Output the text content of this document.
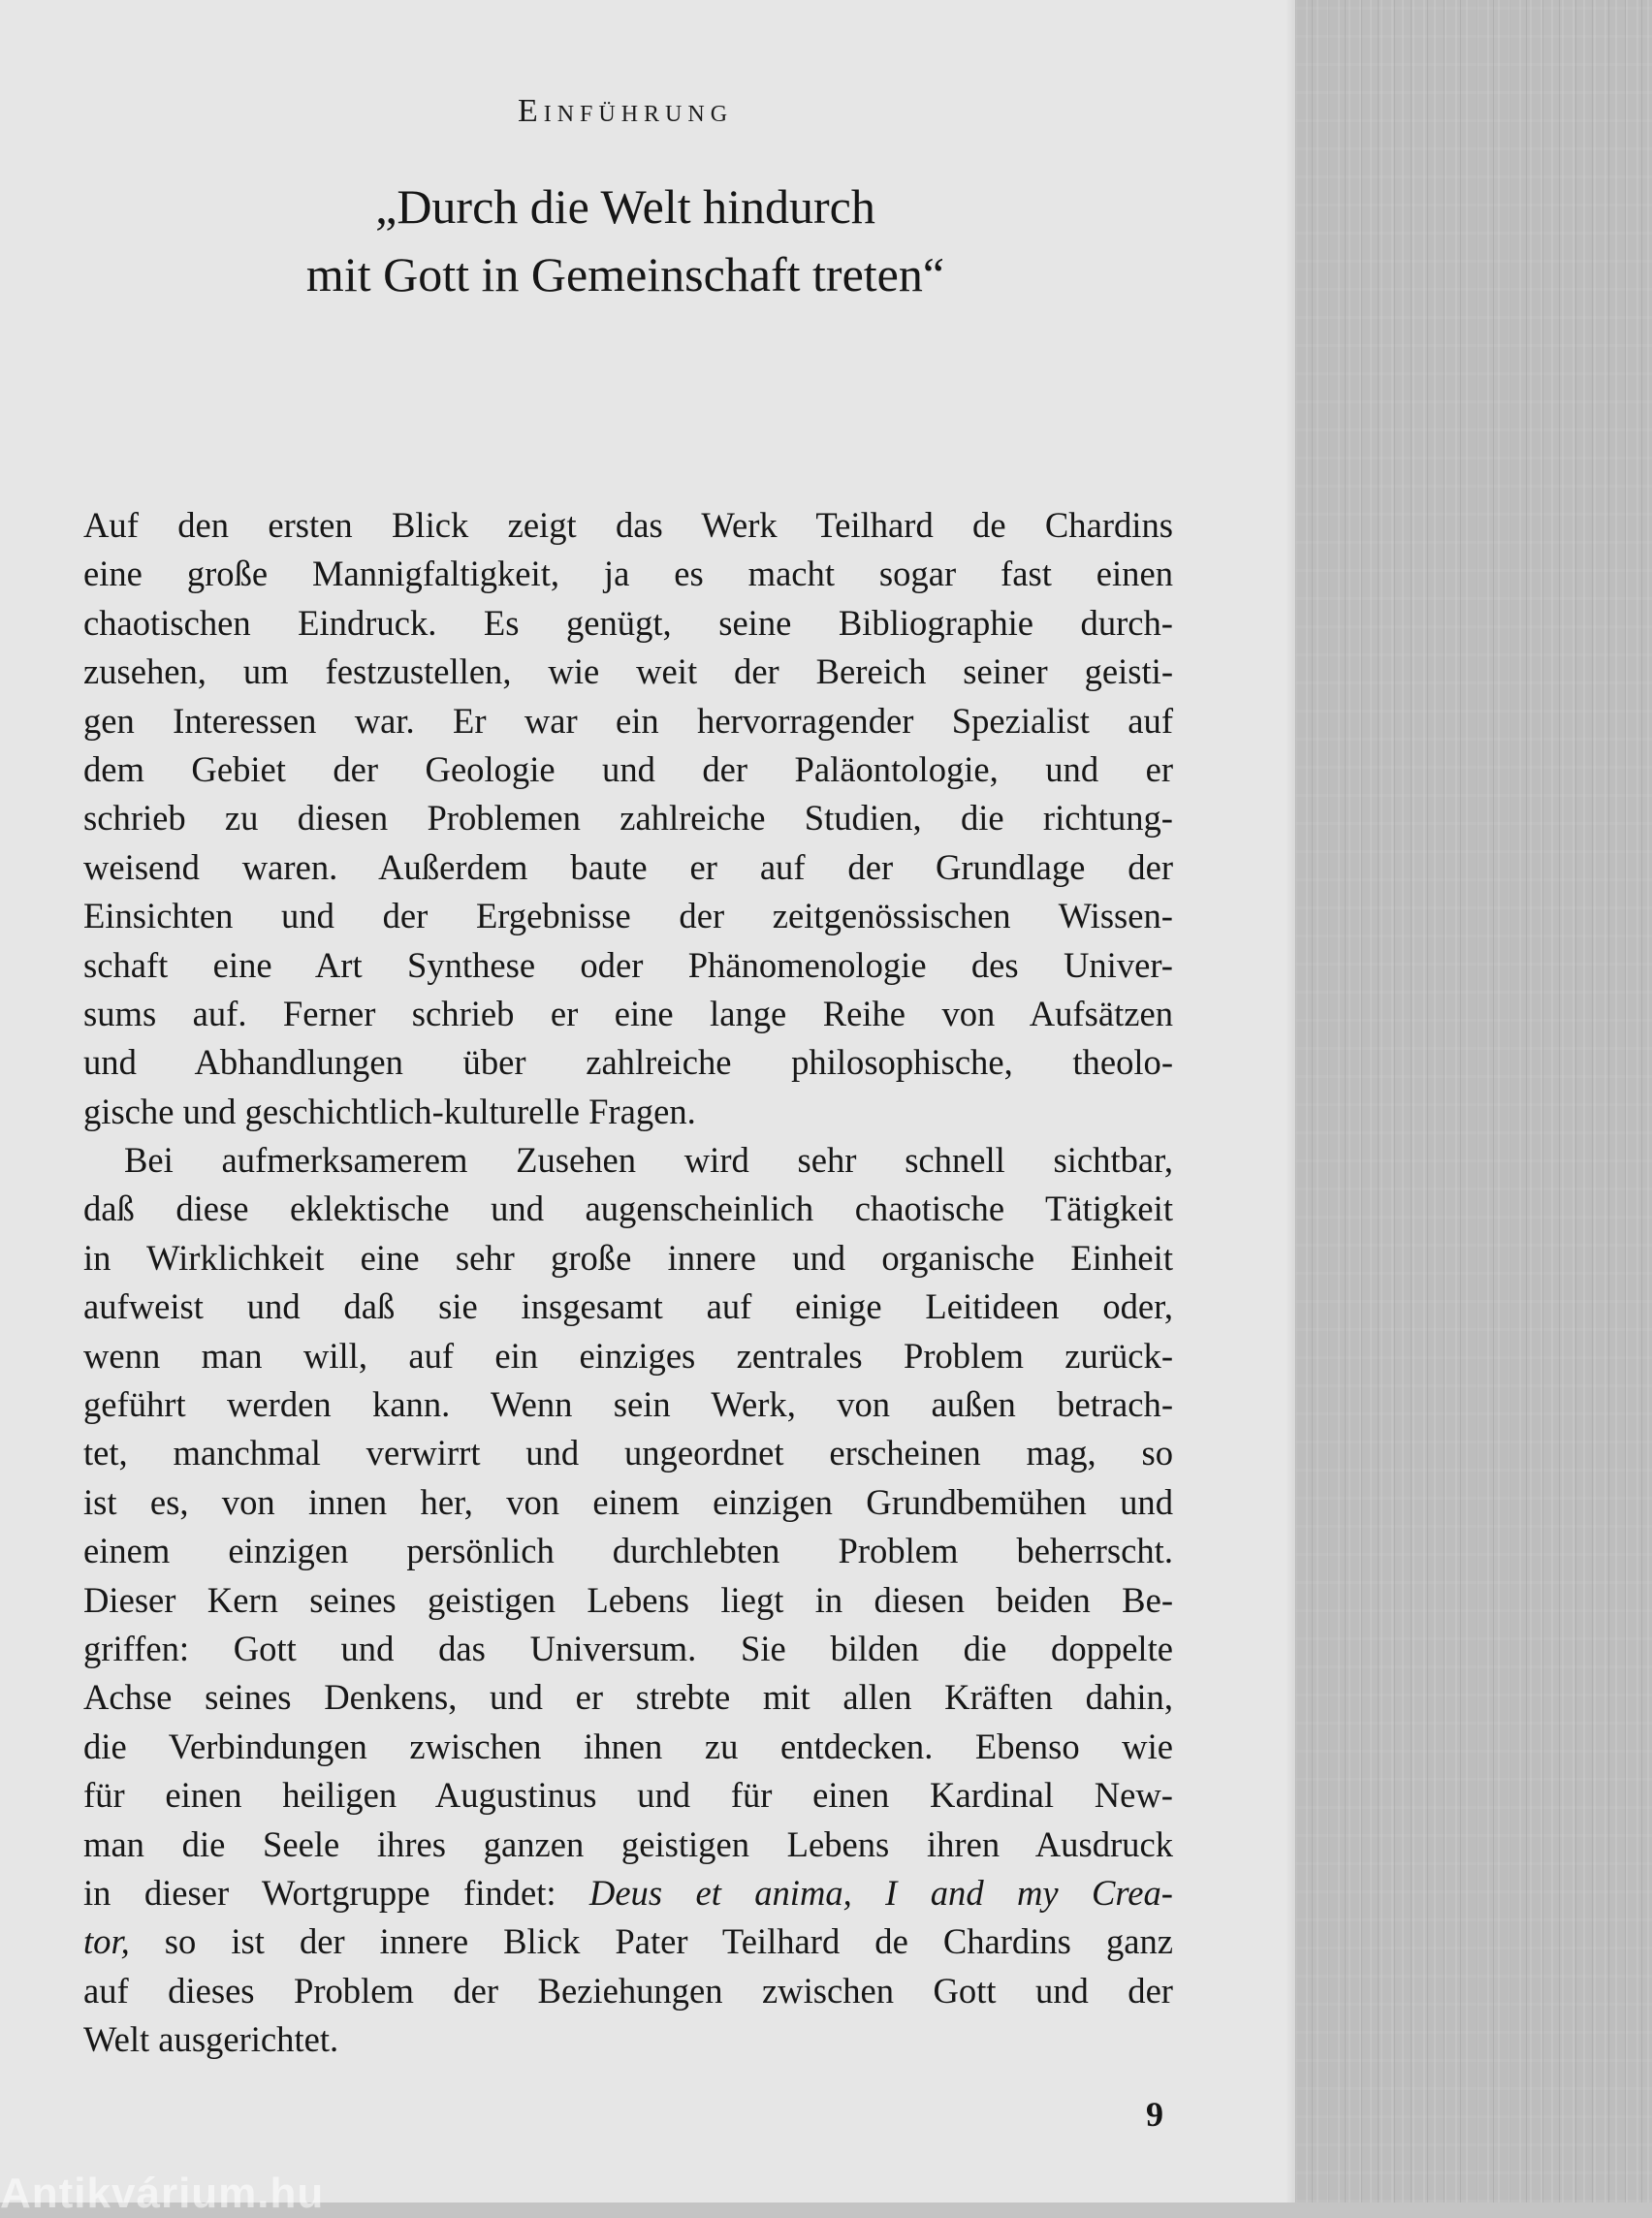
Einführung
„Durch die Welt hindurch
mit Gott in Gemeinschaft treten“
Auf den ersten Blick zeigt das Werk Teilhard de Chardins
eine große Mannigfaltigkeit, ja es macht sogar fast einen
chaotischen Eindruck. Es genügt, seine Bibliographie durch-
zusehen, um festzustellen, wie weit der Bereich seiner geisti-
gen Interessen war. Er war ein hervorragender Spezialist auf
dem Gebiet der Geologie und der Paläontologie, und er
schrieb zu diesen Problemen zahlreiche Studien, die richtung-
weisend waren. Außerdem baute er auf der Grundlage der
Einsichten und der Ergebnisse der zeitgenössischen Wissen-
schaft eine Art Synthese oder Phänomenologie des Univer-
sums auf. Ferner schrieb er eine lange Reihe von Aufsätzen
und Abhandlungen über zahlreiche philosophische, theolo-
gische und geschichtlich-kulturelle Fragen.
Bei aufmerksamerem Zusehen wird sehr schnell sichtbar,
daß diese eklektische und augenscheinlich chaotische Tätigkeit
in Wirklichkeit eine sehr große innere und organische Einheit
aufweist und daß sie insgesamt auf einige Leitideen oder,
wenn man will, auf ein einziges zentrales Problem zurück-
geführt werden kann. Wenn sein Werk, von außen betrach-
tet, manchmal verwirrt und ungeordnet erscheinen mag, so
ist es, von innen her, von einem einzigen Grundbemühen und
einem einzigen persönlich durchlebten Problem beherrscht.
Dieser Kern seines geistigen Lebens liegt in diesen beiden Be-
griffen: Gott und das Universum. Sie bilden die doppelte
Achse seines Denkens, und er strebte mit allen Kräften dahin,
die Verbindungen zwischen ihnen zu entdecken. Ebenso wie
für einen heiligen Augustinus und für einen Kardinal New-
man die Seele ihres ganzen geistigen Lebens ihren Ausdruck
in dieser Wortgruppe findet: Deus et anima, I and my Crea-
tor, so ist der innere Blick Pater Teilhard de Chardins ganz
auf dieses Problem der Beziehungen zwischen Gott und der
Welt ausgerichtet.
9
Antikvárium.hu
